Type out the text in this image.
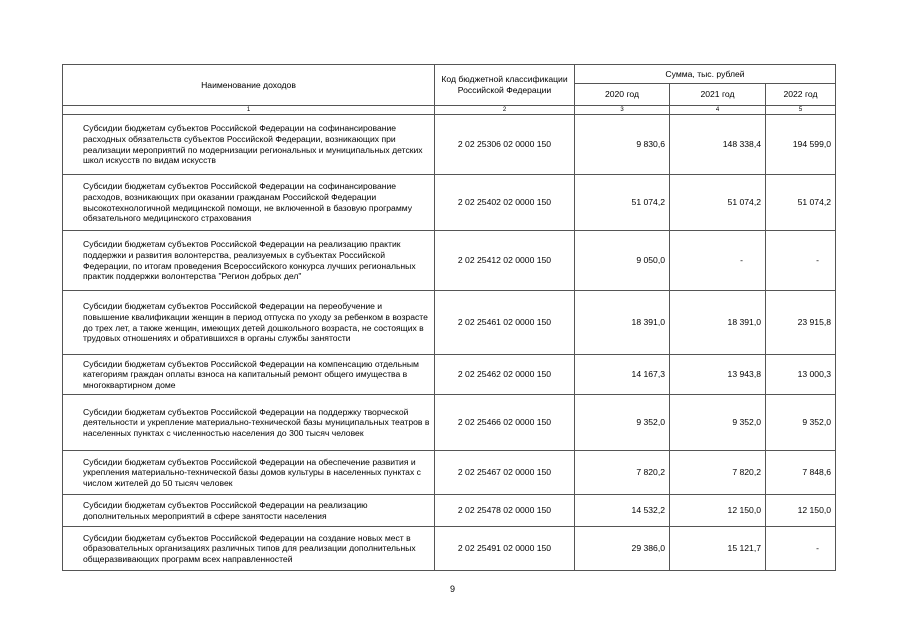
Наименование доходов	Код бюджетной классификации Российской Федерации	Сумма, тыс. рублей		
		2020 год	2021 год	2022 год
1	2	3	4	5
Субсидии бюджетам субъектов Российской Федерации на софинансирование расходных обязательств субъектов Российской Федерации, возникающих при реализации мероприятий по модернизации региональных и муниципальных детских школ искусств по видам искусств	2 02 25306 02 0000 150	9 830,6	148 338,4	194 599,0
Субсидии бюджетам субъектов Российской Федерации на софинансирование расходов, возникающих при оказании гражданам Российской Федерации высокотехнологичной медицинской помощи, не включенной в базовую программу обязательного медицинского страхования	2 02 25402 02 0000 150	51 074,2	51 074,2	51 074,2
Субсидии бюджетам субъектов Российской Федерации на реализацию практик поддержки и развития волонтерства, реализуемых в субъектах Российской Федерации, по итогам проведения Всероссийского конкурса лучших региональных практик поддержки волонтерства "Регион добрых дел"	2 02 25412 02 0000 150	9 050,0	-	-
Субсидии бюджетам субъектов Российской Федерации на переобучение и повышение квалификации женщин в период отпуска по уходу за ребенком в возрасте до трех лет, а также женщин, имеющих детей дошкольного возраста, не состоящих в трудовых отношениях и обратившихся в органы службы занятости	2 02 25461 02 0000 150	18 391,0	18 391,0	23 915,8
Субсидии бюджетам субъектов Российской Федерации на компенсацию отдельным категориям граждан оплаты взноса на капитальный ремонт общего имущества в многоквартирном доме	2 02 25462 02 0000 150	14 167,3	13 943,8	13 000,3
Субсидии бюджетам субъектов Российской Федерации на поддержку творческой деятельности и укрепление материально-технической базы муниципальных театров в населенных пунктах с численностью населения до 300 тысяч человек	2 02 25466 02 0000 150	9 352,0	9 352,0	9 352,0
Субсидии бюджетам субъектов Российской Федерации на обеспечение развития и укрепления материально-технической базы домов культуры в населенных пунктах с числом жителей до 50 тысяч человек	2 02 25467 02 0000 150	7 820,2	7 820,2	7 848,6
Субсидии бюджетам субъектов Российской Федерации на реализацию дополнительных мероприятий в сфере занятости населения	2 02 25478 02 0000 150	14 532,2	12 150,0	12 150,0
Субсидии бюджетам субъектов Российской Федерации на создание новых мест в образовательных организациях различных типов для реализации дополнительных общеразвивающих программ всех направленностей	2 02 25491 02 0000 150	29 386,0	15 121,7	-
9
